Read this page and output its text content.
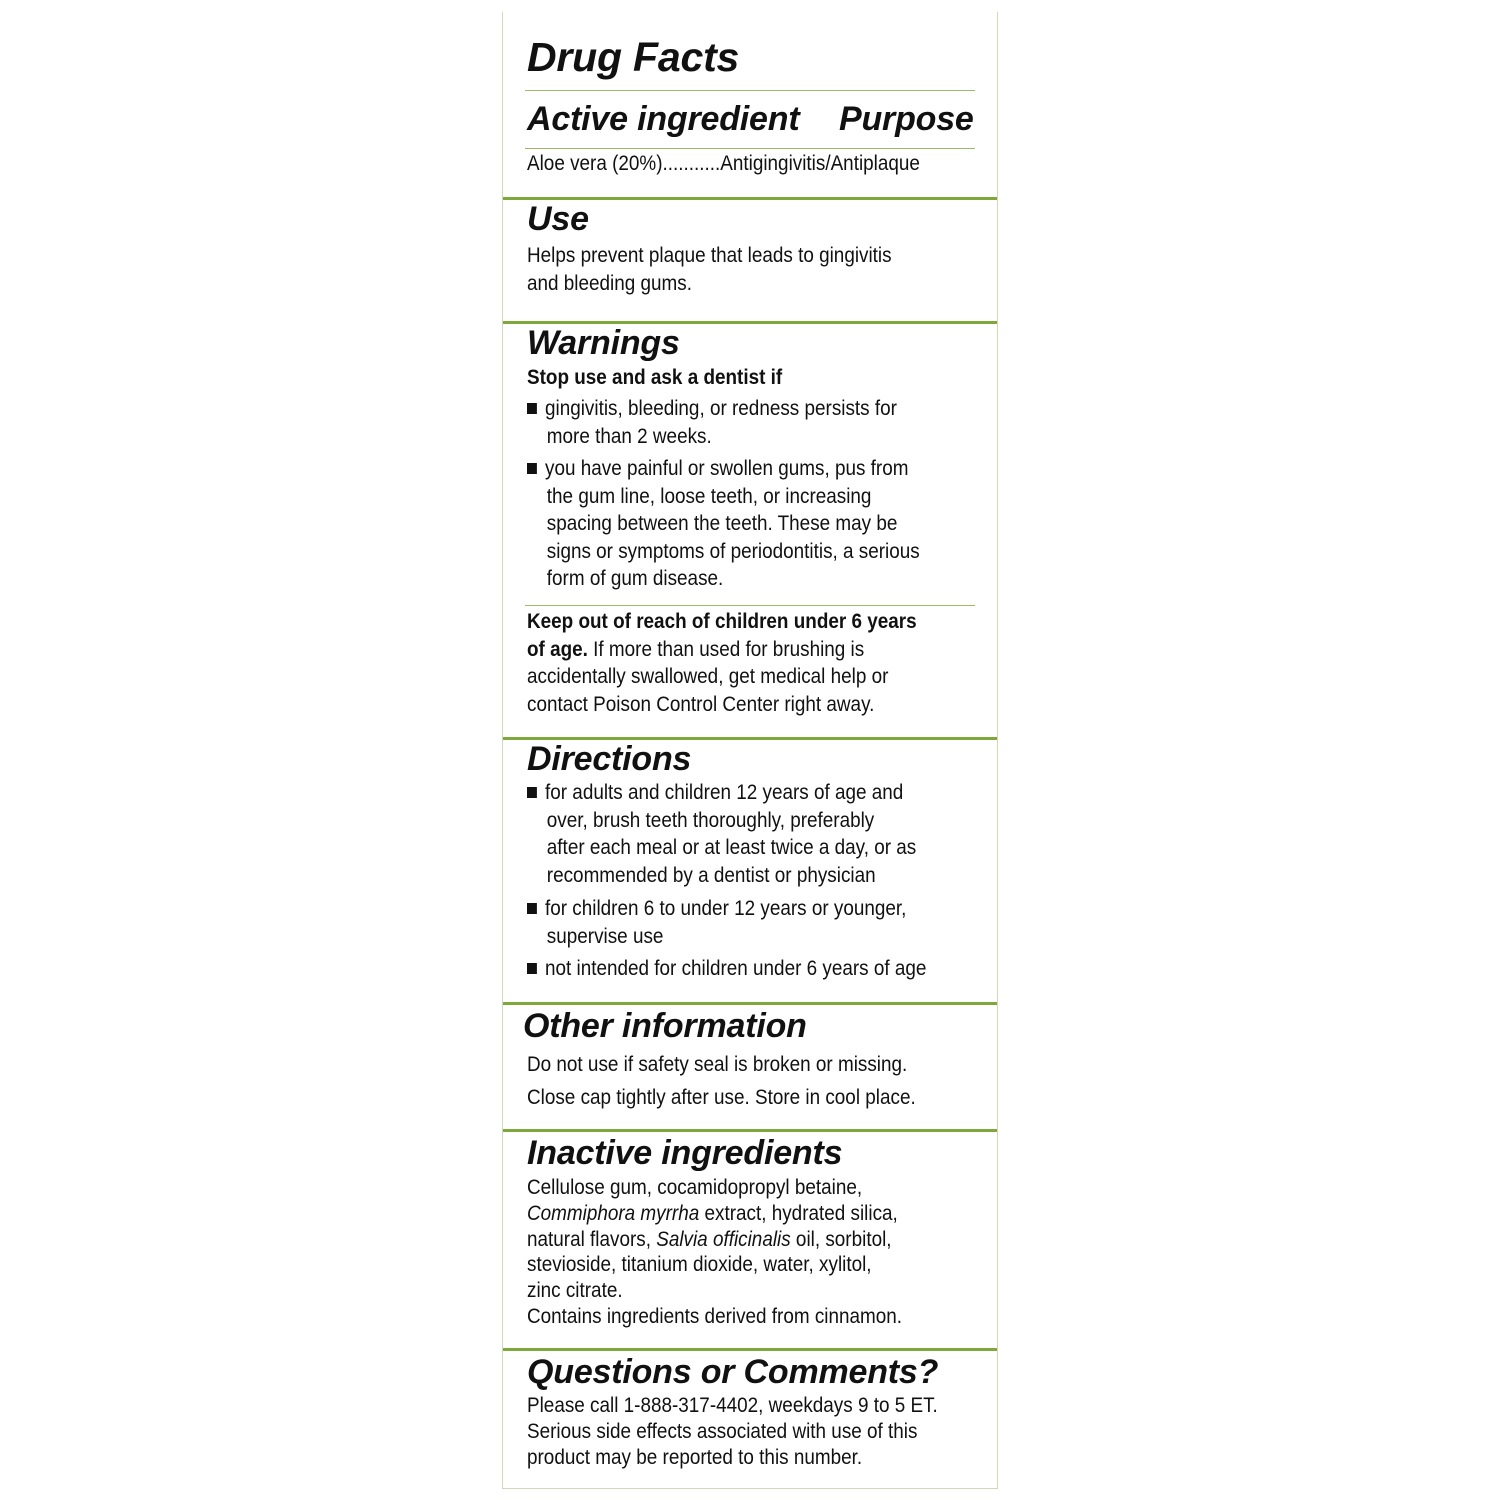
Drug Facts
Active ingredient Purpose
Aloe vera (20%)...........Antigingivitis/Antiplaque
Use
Helps prevent plaque that leads to gingivitis
and bleeding gums.
Warnings
Stop use and ask a dentist if
gingivitis, bleeding, or redness persists for
more than 2 weeks.
you have painful or swollen gums, pus from
the gum line, loose teeth, or increasing
spacing between the teeth. These may be
signs or symptoms of periodontitis, a serious
form of gum disease.
Keep out of reach of children under 6 years
of age. If more than used for brushing is
accidentally swallowed, get medical help or
contact Poison Control Center right away.
Directions
for adults and children 12 years of age and
over, brush teeth thoroughly, preferably
after each meal or at least twice a day, or as
recommended by a dentist or physician
for children 6 to under 12 years or younger,
supervise use
not intended for children under 6 years of age
Other information
Do not use if safety seal is broken or missing.
Close cap tightly after use. Store in cool place.
Inactive ingredients
Cellulose gum, cocamidopropyl betaine,
Commiphora myrrha extract, hydrated silica,
natural flavors, Salvia officinalis oil, sorbitol,
stevioside, titanium dioxide, water, xylitol,
zinc citrate.
Contains ingredients derived from cinnamon.
Questions or Comments?
Please call 1-888-317-4402, weekdays 9 to 5 ET.
Serious side effects associated with use of this
product may be reported to this number.
